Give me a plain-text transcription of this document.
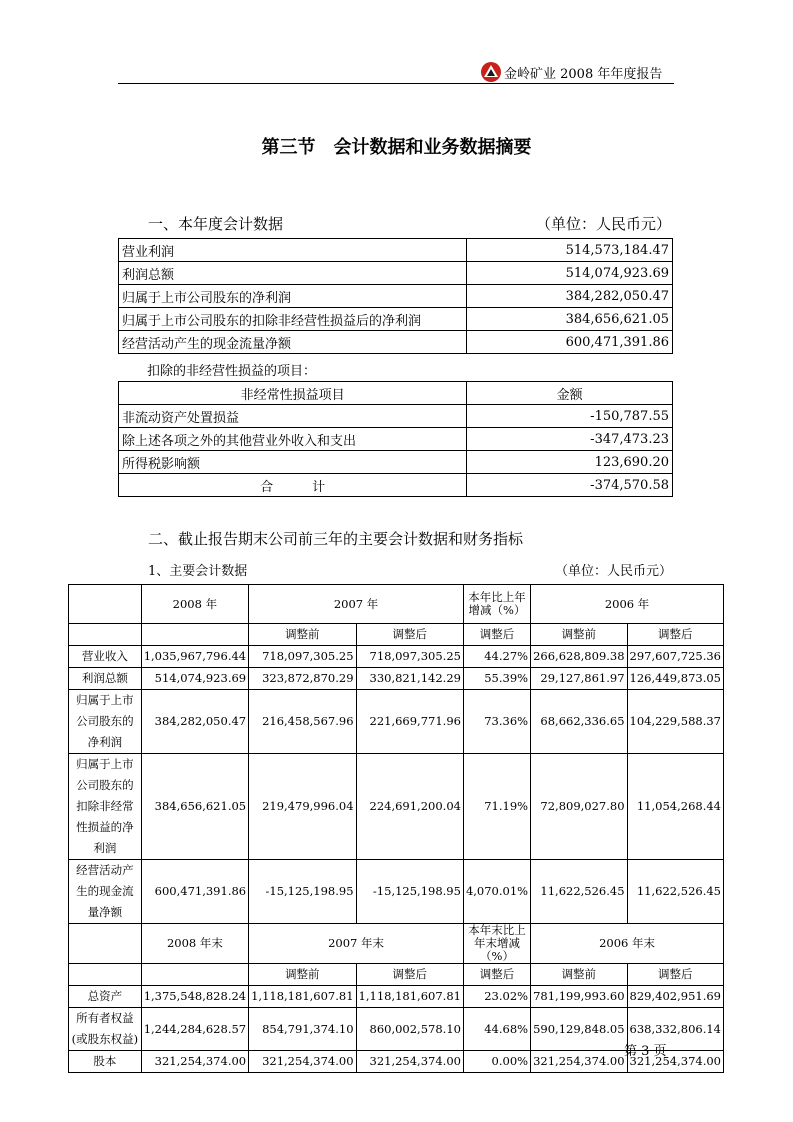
金岭矿业 2008 年年度报告
第三节　会计数据和业务数据摘要
一、本年度会计数据	（单位：人民币元）
营业利润	514,573,184.47
利润总额	514,074,923.69
归属于上市公司股东的净利润	384,282,050.47
归属于上市公司股东的扣除非经营性损益后的净利润	384,656,621.05
经营活动产生的现金流量净额	600,471,391.86
扣除的非经营性损益的项目：
非经常性损益项目	金额
非流动资产处置损益	-150,787.55
除上述各项之外的其他营业外收入和支出	-347,473.23
所得税影响额	123,690.20
合　　　计	-374,570.58
二、截止报告期末公司前三年的主要会计数据和财务指标
1、主要会计数据	（单位：人民币元）
	2008 年	2007 年		本年比上年增减（%）	2006 年	
		调整前	调整后	调整后	调整前	调整后
营业收入	1,035,967,796.44	718,097,305.25	718,097,305.25	44.27%	266,628,809.38	297,607,725.36
利润总额	514,074,923.69	323,872,870.29	330,821,142.29	55.39%	29,127,861.97	126,449,873.05
归属于上市公司股东的净利润	384,282,050.47	216,458,567.96	221,669,771.96	73.36%	68,662,336.65	104,229,588.37
归属于上市公司股东的扣除非经常性损益的净利润	384,656,621.05	219,479,996.04	224,691,200.04	71.19%	72,809,027.80	11,054,268.44
经营活动产生的现金流量净额	600,471,391.86	-15,125,198.95	-15,125,198.95	4,070.01%	11,622,526.45	11,622,526.45
	2008 年末	2007 年末		本年末比上年末增减（%）	2006 年末	
		调整前	调整后	调整后	调整前	调整后
总资产	1,375,548,828.24	1,118,181,607.81	1,118,181,607.81	23.02%	781,199,993.60	829,402,951.69
所有者权益(或股东权益)	1,244,284,628.57	854,791,374.10	860,002,578.10	44.68%	590,129,848.05	638,332,806.14
股本	321,254,374.00	321,254,374.00	321,254,374.00	0.00%	321,254,374.00	321,254,374.00
第 3 页
